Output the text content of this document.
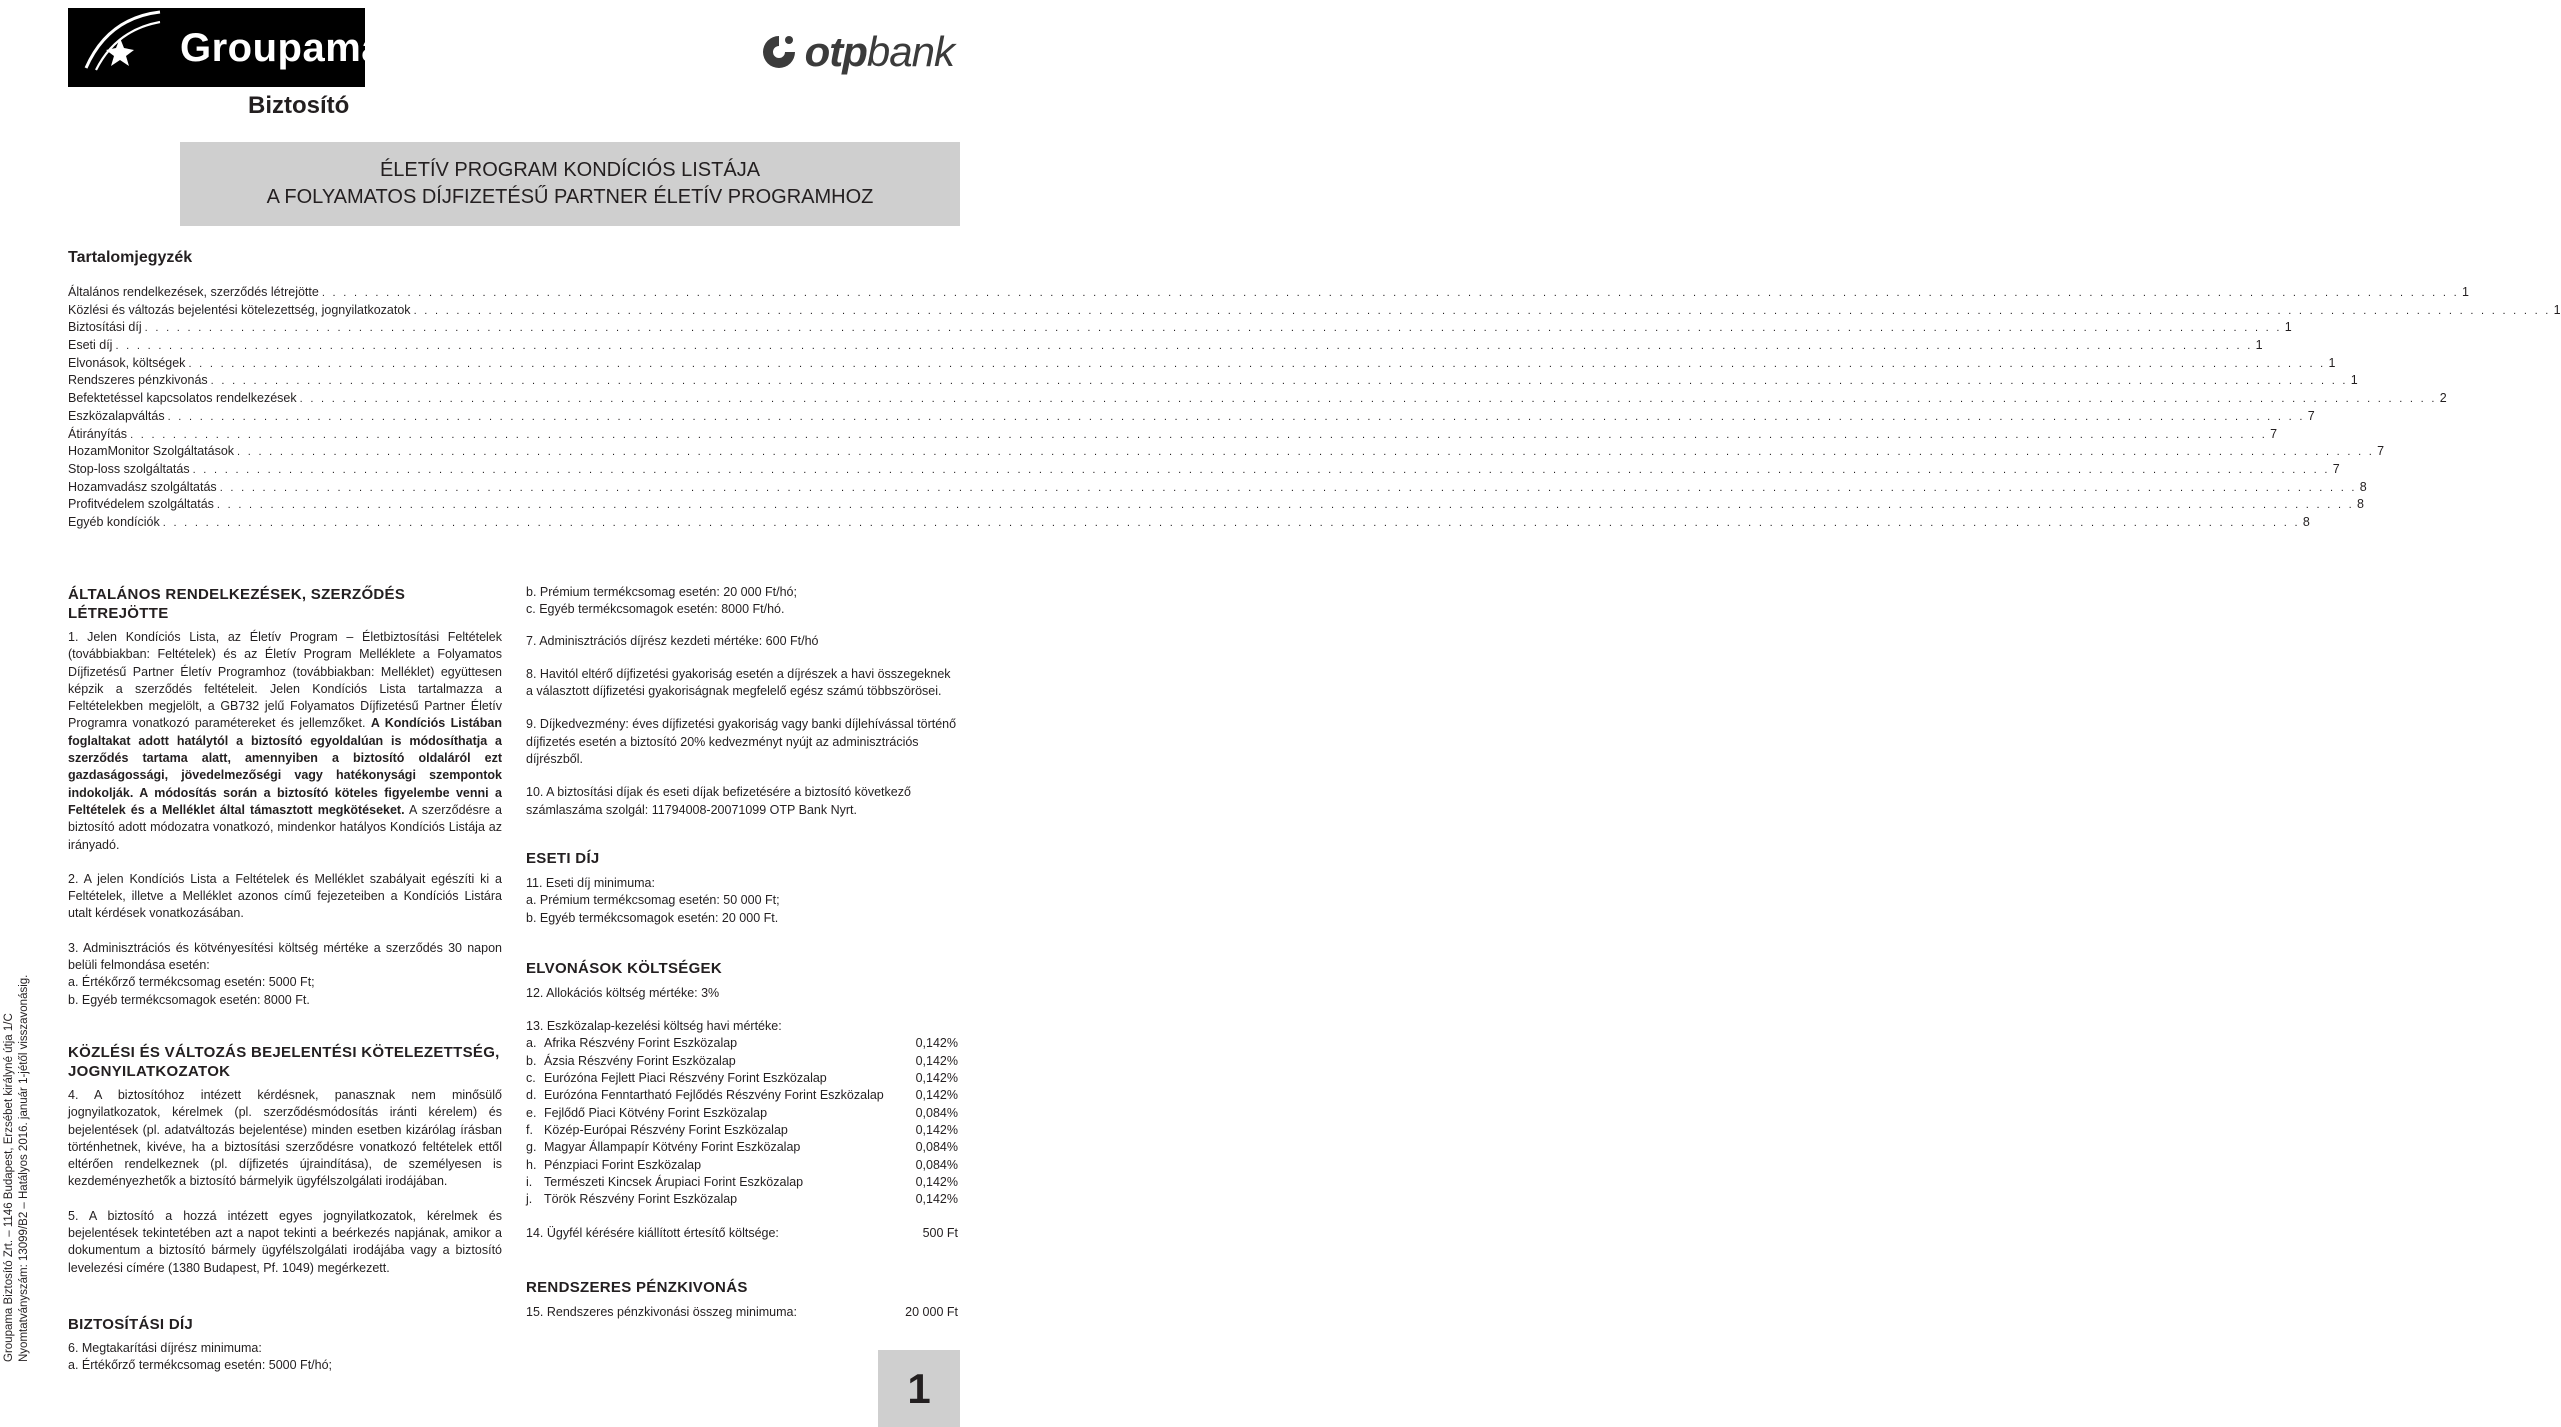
Groupama
Biztosító
otpbank
ÉLETÍV PROGRAM KONDÍCIÓS LISTÁJA
A FOLYAMATOS DÍJFIZETÉSŰ PARTNER ÉLETÍV PROGRAMHOZ
Tartalomjegyzék
Általános rendelkezések, szerződés létrejötte . . . . . . . . . . . . . . . . . . . . . . . . . . . . . . . . . . . . . . . . . . . . . . . . . . . . . . . . . . . . . . . . . . . . . . . . . . . . . . . . . . . . . . . . . . . . . . . . . . . . . . . . . . . . . . . . . . . . . . . . . . . . . . . . . . . . . . . . . . . . . . . . . . . . . . . . . . . . . . . . . . . . . . . . . . . . . . . . . . . . . . . . . . . . . . . . . . . . . . . . 1
Közlési és változás bejelentési kötelezettség, jognyilatkozatok . . . . . . . . . . . . . . . . . . . . . . . . . . . . . . . . . . . . . . . . . . . . . . . . . . . . . . . . . . . . . . . . . . . . . . . . . . . . . . . . . . . . . . . . . . . . . . . . . . . . . . . . . . . . . . . . . . . . . . . . . . . . . . . . . . . . . . . . . . . . . . . . . . . . . . . . . . . . . . . . . . . . . . . . . . . . . . . . . . . . . . . . . . . . . . . . . . . . . . . . 1
Biztosítási díj . . . . . . . . . . . . . . . . . . . . . . . . . . . . . . . . . . . . . . . . . . . . . . . . . . . . . . . . . . . . . . . . . . . . . . . . . . . . . . . . . . . . . . . . . . . . . . . . . . . . . . . . . . . . . . . . . . . . . . . . . . . . . . . . . . . . . . . . . . . . . . . . . . . . . . . . . . . . . . . . . . . . . . . . . . . . . . . . . . . . . . . . . . . . . . . . . . . . . . . . 1
Eseti díj . . . . . . . . . . . . . . . . . . . . . . . . . . . . . . . . . . . . . . . . . . . . . . . . . . . . . . . . . . . . . . . . . . . . . . . . . . . . . . . . . . . . . . . . . . . . . . . . . . . . . . . . . . . . . . . . . . . . . . . . . . . . . . . . . . . . . . . . . . . . . . . . . . . . . . . . . . . . . . . . . . . . . . . . . . . . . . . . . . . . . . . . . . . . . . . . . . . . . . . . 1
Elvonások, költségek . . . . . . . . . . . . . . . . . . . . . . . . . . . . . . . . . . . . . . . . . . . . . . . . . . . . . . . . . . . . . . . . . . . . . . . . . . . . . . . . . . . . . . . . . . . . . . . . . . . . . . . . . . . . . . . . . . . . . . . . . . . . . . . . . . . . . . . . . . . . . . . . . . . . . . . . . . . . . . . . . . . . . . . . . . . . . . . . . . . . . . . . . . . . . . . . . . . . . . . . 1
Rendszeres pénzkivonás . . . . . . . . . . . . . . . . . . . . . . . . . . . . . . . . . . . . . . . . . . . . . . . . . . . . . . . . . . . . . . . . . . . . . . . . . . . . . . . . . . . . . . . . . . . . . . . . . . . . . . . . . . . . . . . . . . . . . . . . . . . . . . . . . . . . . . . . . . . . . . . . . . . . . . . . . . . . . . . . . . . . . . . . . . . . . . . . . . . . . . . . . . . . . . . . . . . . . . . . 1
Befektetéssel kapcsolatos rendelkezések . . . . . . . . . . . . . . . . . . . . . . . . . . . . . . . . . . . . . . . . . . . . . . . . . . . . . . . . . . . . . . . . . . . . . . . . . . . . . . . . . . . . . . . . . . . . . . . . . . . . . . . . . . . . . . . . . . . . . . . . . . . . . . . . . . . . . . . . . . . . . . . . . . . . . . . . . . . . . . . . . . . . . . . . . . . . . . . . . . . . . . . . . . . . . . . . . . . . . . . . 2
Eszközalapváltás . . . . . . . . . . . . . . . . . . . . . . . . . . . . . . . . . . . . . . . . . . . . . . . . . . . . . . . . . . . . . . . . . . . . . . . . . . . . . . . . . . . . . . . . . . . . . . . . . . . . . . . . . . . . . . . . . . . . . . . . . . . . . . . . . . . . . . . . . . . . . . . . . . . . . . . . . . . . . . . . . . . . . . . . . . . . . . . . . . . . . . . . . . . . . . . . . . . . . . . . 7
Átirányítás . . . . . . . . . . . . . . . . . . . . . . . . . . . . . . . . . . . . . . . . . . . . . . . . . . . . . . . . . . . . . . . . . . . . . . . . . . . . . . . . . . . . . . . . . . . . . . . . . . . . . . . . . . . . . . . . . . . . . . . . . . . . . . . . . . . . . . . . . . . . . . . . . . . . . . . . . . . . . . . . . . . . . . . . . . . . . . . . . . . . . . . . . . . . . . . . . . . . . . . . 7
HozamMonitor Szolgáltatások . . . . . . . . . . . . . . . . . . . . . . . . . . . . . . . . . . . . . . . . . . . . . . . . . . . . . . . . . . . . . . . . . . . . . . . . . . . . . . . . . . . . . . . . . . . . . . . . . . . . . . . . . . . . . . . . . . . . . . . . . . . . . . . . . . . . . . . . . . . . . . . . . . . . . . . . . . . . . . . . . . . . . . . . . . . . . . . . . . . . . . . . . . . . . . . . . . . . . . . . 7
Stop-loss szolgáltatás . . . . . . . . . . . . . . . . . . . . . . . . . . . . . . . . . . . . . . . . . . . . . . . . . . . . . . . . . . . . . . . . . . . . . . . . . . . . . . . . . . . . . . . . . . . . . . . . . . . . . . . . . . . . . . . . . . . . . . . . . . . . . . . . . . . . . . . . . . . . . . . . . . . . . . . . . . . . . . . . . . . . . . . . . . . . . . . . . . . . . . . . . . . . . . . . . . . . . . . . 7
Hozamvadász szolgáltatás . . . . . . . . . . . . . . . . . . . . . . . . . . . . . . . . . . . . . . . . . . . . . . . . . . . . . . . . . . . . . . . . . . . . . . . . . . . . . . . . . . . . . . . . . . . . . . . . . . . . . . . . . . . . . . . . . . . . . . . . . . . . . . . . . . . . . . . . . . . . . . . . . . . . . . . . . . . . . . . . . . . . . . . . . . . . . . . . . . . . . . . . . . . . . . . . . . . . . . . . 8
Profitvédelem szolgáltatás . . . . . . . . . . . . . . . . . . . . . . . . . . . . . . . . . . . . . . . . . . . . . . . . . . . . . . . . . . . . . . . . . . . . . . . . . . . . . . . . . . . . . . . . . . . . . . . . . . . . . . . . . . . . . . . . . . . . . . . . . . . . . . . . . . . . . . . . . . . . . . . . . . . . . . . . . . . . . . . . . . . . . . . . . . . . . . . . . . . . . . . . . . . . . . . . . . . . . . . . 8
Egyéb kondíciók . . . . . . . . . . . . . . . . . . . . . . . . . . . . . . . . . . . . . . . . . . . . . . . . . . . . . . . . . . . . . . . . . . . . . . . . . . . . . . . . . . . . . . . . . . . . . . . . . . . . . . . . . . . . . . . . . . . . . . . . . . . . . . . . . . . . . . . . . . . . . . . . . . . . . . . . . . . . . . . . . . . . . . . . . . . . . . . . . . . . . . . . . . . . . . . . . . . . . . . . 8
Groupama Biztosító Zrt. – 1146 Budapest, Erzsébet királyné útja 1/C Nyomtatványszám: 13099/B2 – Hatályos 2016. január 1-jétől visszavonásig.
ÁLTALÁNOS RENDELKEZÉSEK, SZERZŐDÉS LÉTREJÖTTE

1. Jelen Kondíciós Lista, az Életív Program – Életbiztosítási Feltételek (továbbiakban: Feltételek) és az Életív Program Melléklete a Folyamatos Díjfizetésű Partner Életív Programhoz (továbbiakban: Melléklet) együttesen képzik a szerződés feltételeit. Jelen Kondíciós Lista tartalmazza a Feltételekben megjelölt, a GB732 jelű Folyamatos Díjfizetésű Partner Életív Programra vonatkozó paramétereket és jellemzőket. A Kondíciós Listában foglaltakat adott hatálytól a biztosító egyoldalúan is módosíthatja a szerződés tartama alatt, amennyiben a biztosító oldaláról ezt gazdaságossági, jövedelmezőségi vagy hatékonysági szempontok indokolják. A módosítás során a biztosító köteles figyelembe venni a Feltételek és a Melléklet által támasztott megkötéseket. A szerződésre a biztosító adott módozatra vonatkozó, mindenkor hatályos Kondíciós Listája az irányadó.

2. A jelen Kondíciós Lista a Feltételek és Melléklet szabályait egészíti ki a Feltételek, illetve a Melléklet azonos című fejezeteiben a Kondíciós Listára utalt kérdések vonatkozásában.

3. Adminisztrációs és kötvényesítési költség mértéke a szerződés 30 napon belüli felmondása esetén:

a. Értékőrző termékcsomag esetén: 5000 Ft;

b. Egyéb termékcsomagok esetén: 8000 Ft.

KÖZLÉSI ÉS VÁLTOZÁS BEJELENTÉSI KÖTELEZETTSÉG,
JOGNYILATKOZATOK

4. A biztosítóhoz intézett kérdésnek, panasznak nem minősülő jognyilatkozatok, kérelmek (pl. szerződésmódosítás iránti kérelem) és bejelentések (pl. adatváltozás bejelentése) minden esetben kizárólag írásban történhetnek, kivéve, ha a biztosítási szerződésre vonatkozó feltételek ettől eltérően rendelkeznek (pl. díjfizetés újraindítása), de személyesen is kezdeményezhetők a biztosító bármelyik ügyfélszolgálati irodájában.

5. A biztosító a hozzá intézett egyes jognyilatkozatok, kérelmek és bejelentések tekintetében azt a napot tekinti a beérkezés napjának, amikor a dokumentum a biztosító bármely ügyfélszolgálati irodájába vagy a biztosító levelezési címére (1380 Budapest, Pf. 1049) megérkezett.

BIZTOSÍTÁSI DÍJ

6. Megtakarítási díjrész minimuma:

a. Értékőrző termékcsomag esetén: 5000 Ft/hó;

b. Prémium termékcsomag esetén: 20 000 Ft/hó;

c. Egyéb termékcsomagok esetén: 8000 Ft/hó.

7. Adminisztrációs díjrész kezdeti mértéke: 600 Ft/hó

8. Havitól eltérő díjfizetési gyakoriság esetén a díjrészek a havi összegeknek a választott díjfizetési gyakoriságnak megfelelő egész számú többszörösei.

9. Díjkedvezmény: éves díjfizetési gyakoriság vagy banki díjlehívással történő díjfizetés esetén a biztosító 20% kedvezményt nyújt az adminisztrációs díjrészből.

10. A biztosítási díjak és eseti díjak befizetésére a biztosító következő számlaszáma szolgál: 11794008-20071099 OTP Bank Nyrt.

ESETI DÍJ

11. Eseti díj minimuma:

a. Prémium termékcsomag esetén: 50 000 Ft;

b. Egyéb termékcsomagok esetén: 20 000 Ft.

ELVONÁSOK KÖLTSÉGEK

12. Allokációs költség mértéke: 3%

13. Eszközalap-kezelési költség havi mértéke:

a. Afrika Részvény Forint Eszközalap	0,142%
b. Ázsia Részvény Forint Eszközalap	0,142%
c. Eurózóna Fejlett Piaci Részvény Forint Eszközalap	0,142%
d. Eurózóna Fenntartható Fejlődés Részvény Forint Eszközalap	0,142%
e. Fejlődő Piaci Kötvény Forint Eszközalap	0,084%
f. Közép-Európai Részvény Forint Eszközalap	0,142%
g. Magyar Állampapír Kötvény Forint Eszközalap	0,084%
h. Pénzpiaci Forint Eszközalap	0,084%
i. Természeti Kincsek Árupiaci Forint Eszközalap	0,142%
j. Török Részvény Forint Eszközalap	0,142%
14. Ügyfél kérésére kiállított értesítő költsége:	500 Ft
RENDSZERES PÉNZKIVONÁS
15. Rendszeres pénzkivonási összeg minimuma:	20 000 Ft
1
